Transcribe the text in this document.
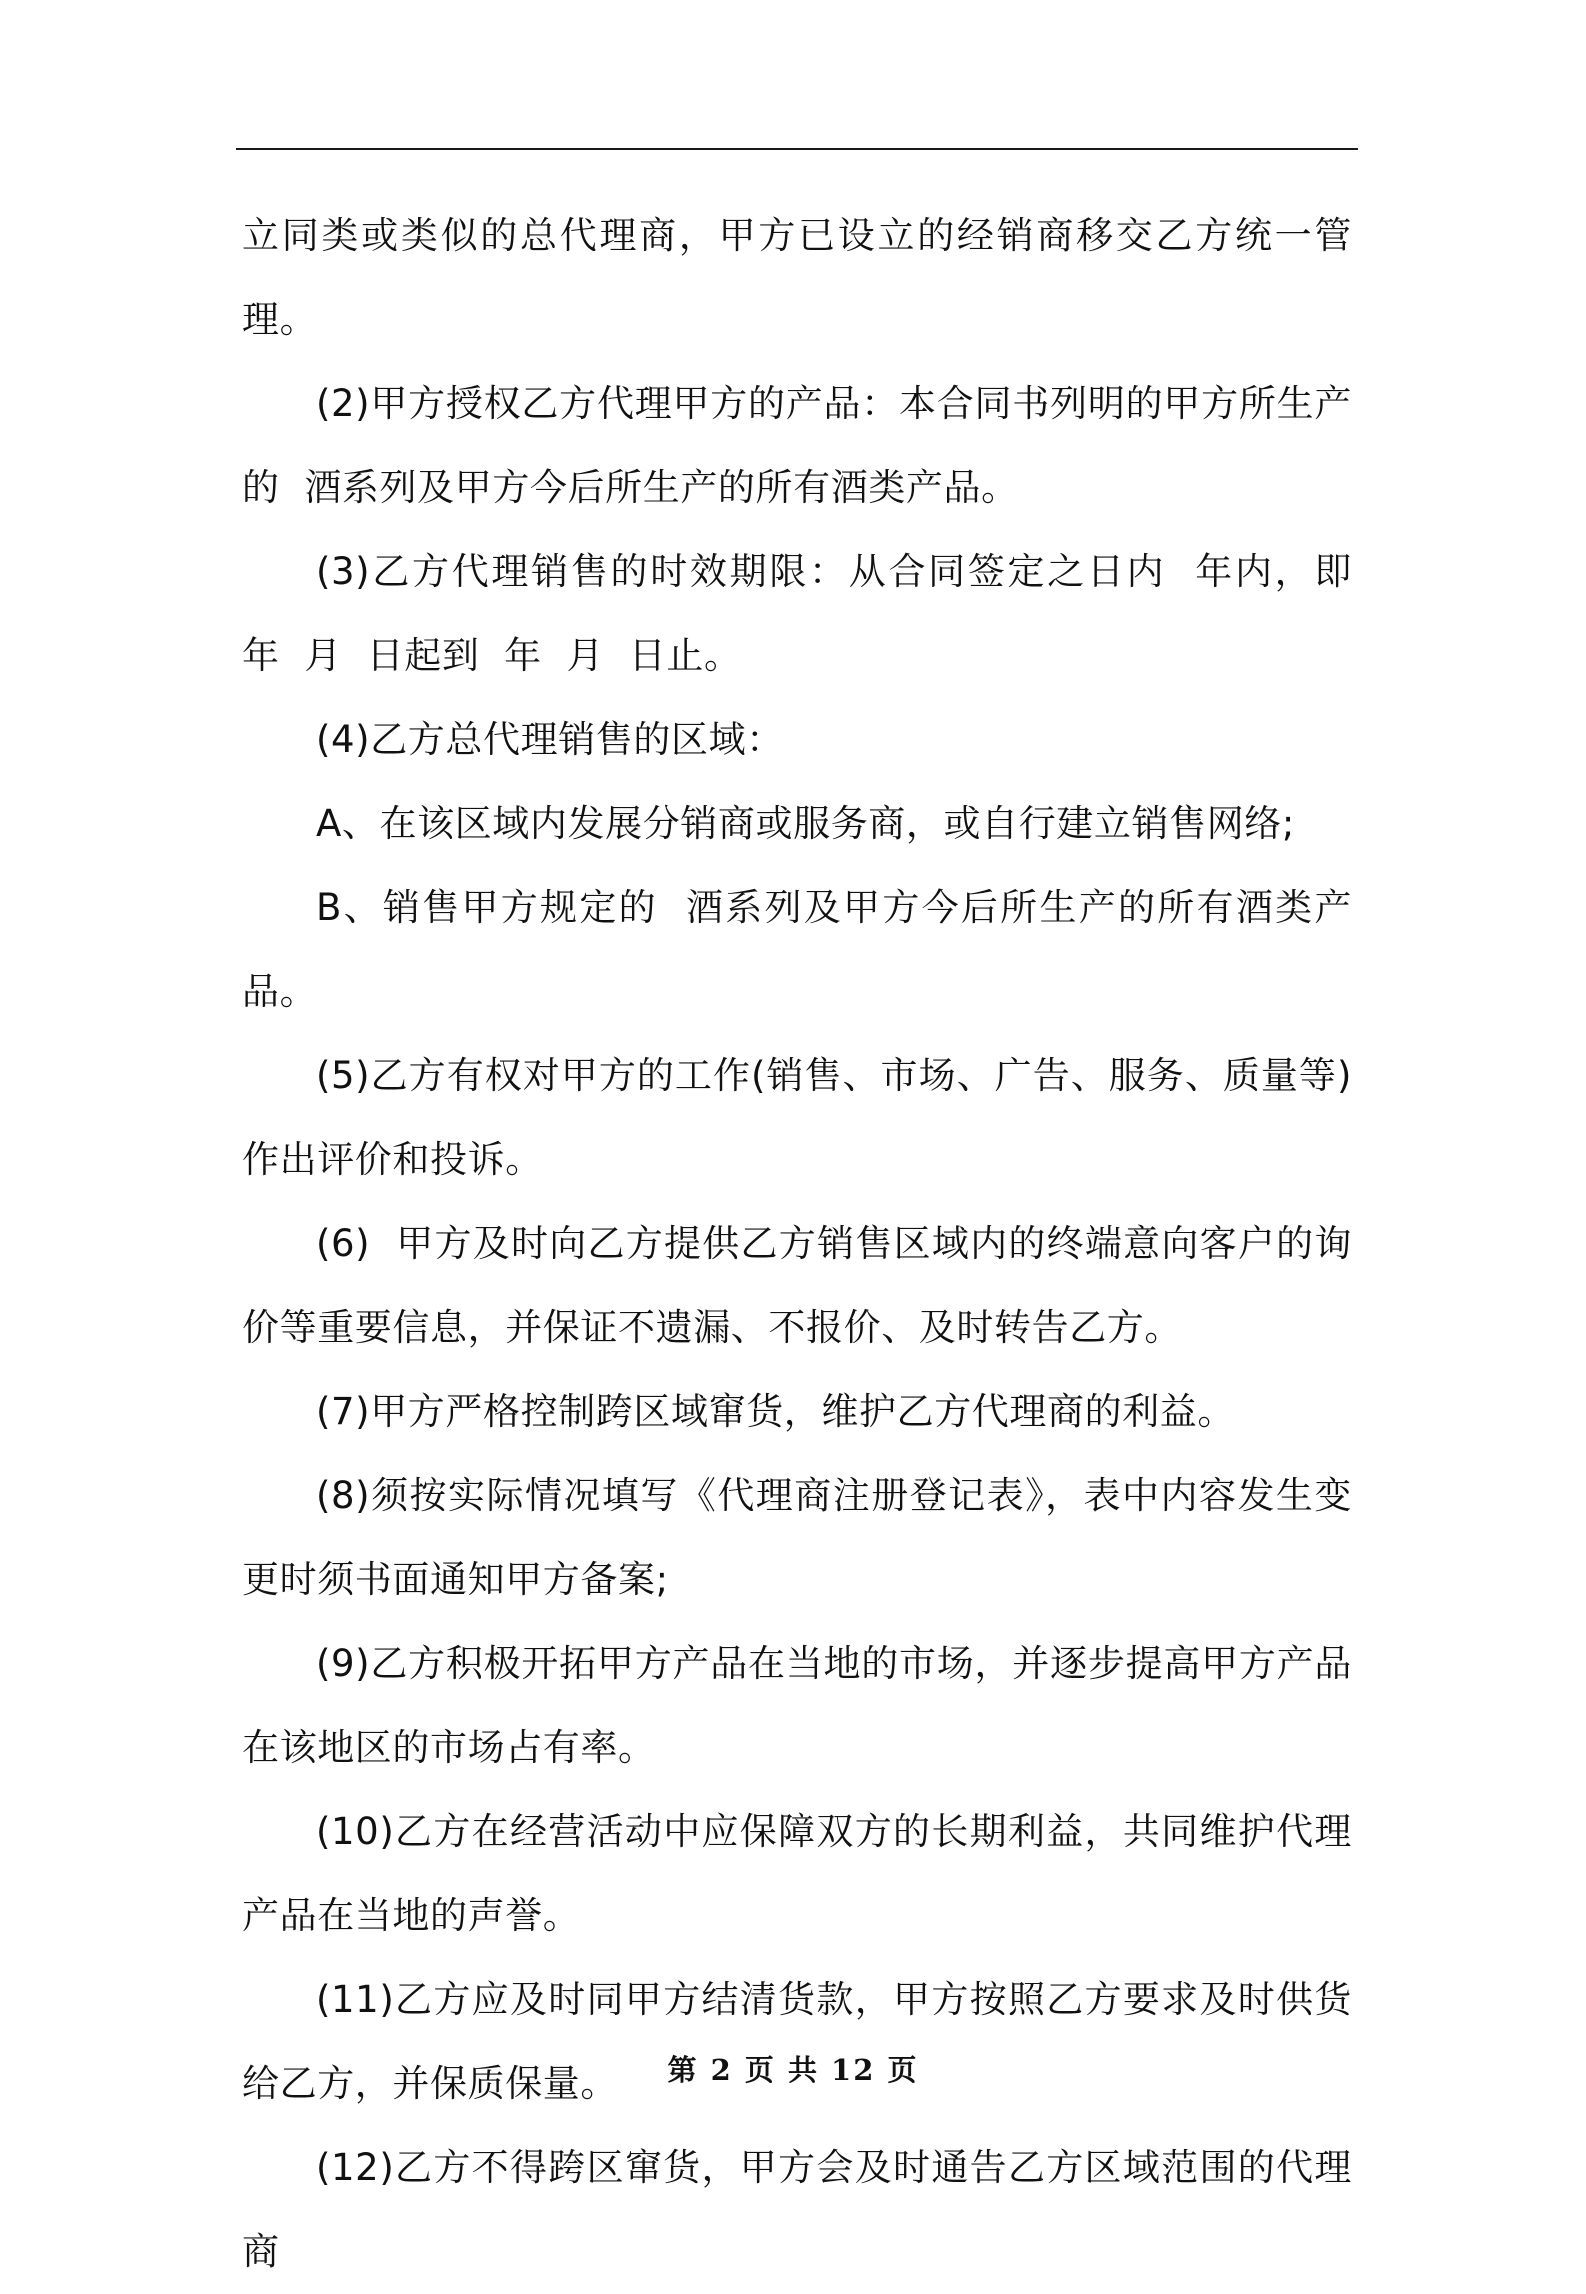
立同类或类似的总代理商，甲方已设立的经销商移交乙方统一管理。

(2)甲方授权乙方代理甲方的产品：本合同书列明的甲方所生产的  酒系列及甲方今后所生产的所有酒类产品。

(3)乙方代理销售的时效期限：从合同签定之日内  年内，即  年  月  日起到  年  月  日止。

(4)乙方总代理销售的区域：

A、在该区域内发展分销商或服务商，或自行建立销售网络;

B、销售甲方规定的  酒系列及甲方今后所生产的所有酒类产品。

(5)乙方有权对甲方的工作(销售、市场、广告、服务、质量等)作出评价和投诉。

(6)  甲方及时向乙方提供乙方销售区域内的终端意向客户的询价等重要信息，并保证不遗漏、不报价、及时转告乙方。

(7)甲方严格控制跨区域窜货，维护乙方代理商的利益。

(8)须按实际情况填写《代理商注册登记表》，表中内容发生变更时须书面通知甲方备案;

(9)乙方积极开拓甲方产品在当地的市场，并逐步提高甲方产品在该地区的市场占有率。

(10)乙方在经营活动中应保障双方的长期利益，共同维护代理产品在当地的声誉。

(11)乙方应及时同甲方结清货款，甲方按照乙方要求及时供货给乙方，并保质保量。

(12)乙方不得跨区窜货，甲方会及时通告乙方区域范围的代理商

第 2 页 共 12 页
